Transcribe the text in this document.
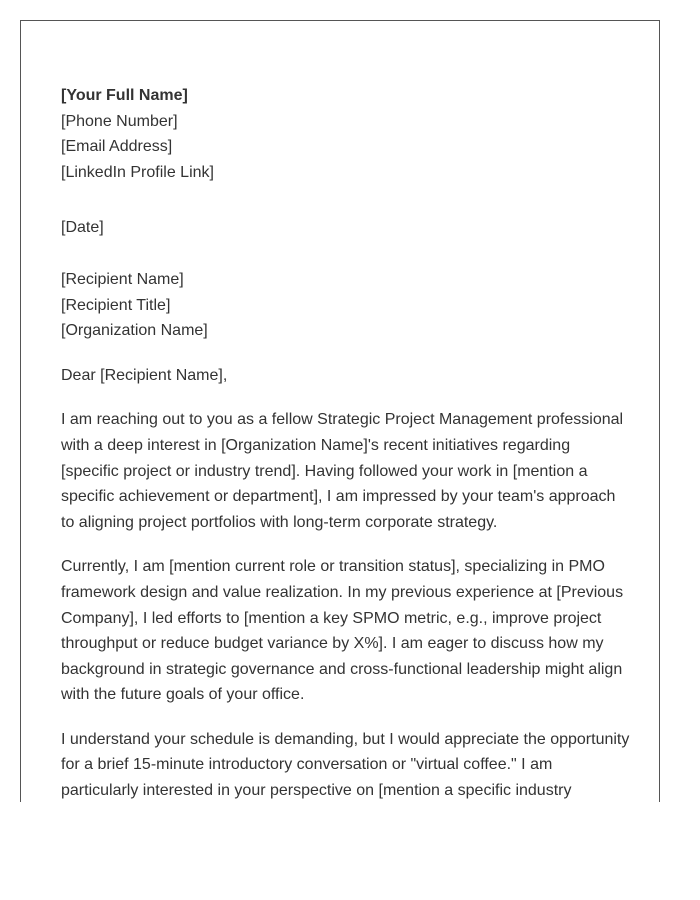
[Your Full Name]
[Phone Number]
[Email Address]
[LinkedIn Profile Link]
[Date]
[Recipient Name]
[Recipient Title]
[Organization Name]
Dear [Recipient Name],

I am reaching out to you as a fellow Strategic Project Management professional with a deep interest in [Organization Name]'s recent initiatives regarding [specific project or industry trend]. Having followed your work in [mention a specific achievement or department], I am impressed by your team's approach to aligning project portfolios with long-term corporate strategy.

Currently, I am [mention current role or transition status], specializing in PMO framework design and value realization. In my previous experience at [Previous Company], I led efforts to [mention a key SPMO metric, e.g., improve project throughput or reduce budget variance by X%]. I am eager to discuss how my background in strategic governance and cross-functional leadership might align with the future goals of your office.

I understand your schedule is demanding, but I would appreciate the opportunity for a brief 15-minute introductory conversation or "virtual coffee." I am particularly interested in your perspective on [mention a specific industry
